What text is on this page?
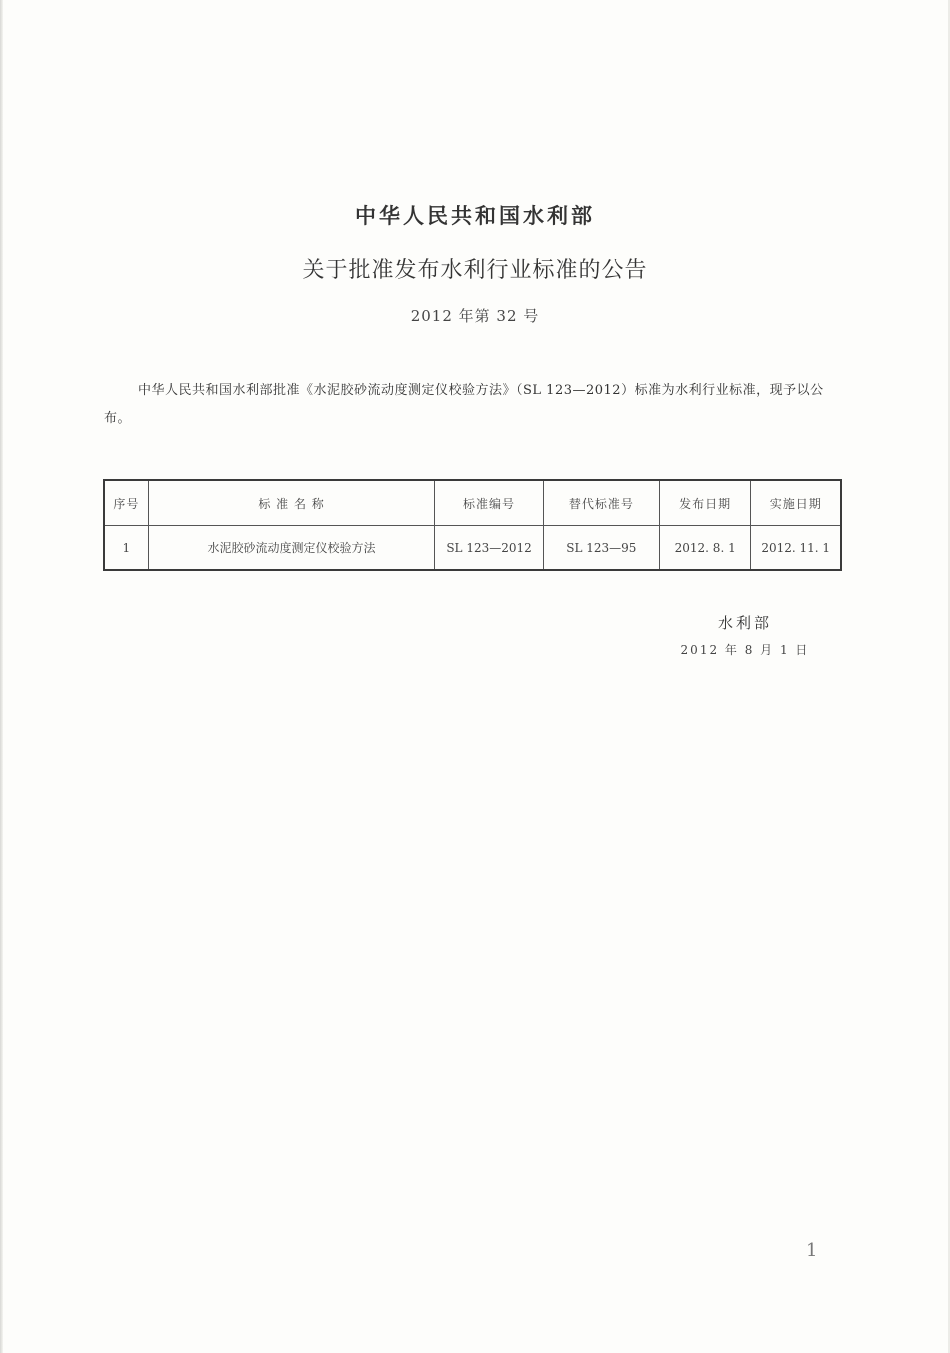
中华人民共和国水利部
关于批准发布水利行业标准的公告
2012 年第 32 号
中华人民共和国水利部批准《水泥胶砂流动度测定仪校验方法》（SL 123—2012）标准为水利行业标准，现予以公布。
序号	标 准 名 称	标准编号	替代标准号	发布日期	实施日期
1	水泥胶砂流动度测定仪校验方法	SL 123—2012	SL 123—95	2012. 8. 1	2012. 11. 1
水利部
2012 年 8 月 1 日
1
